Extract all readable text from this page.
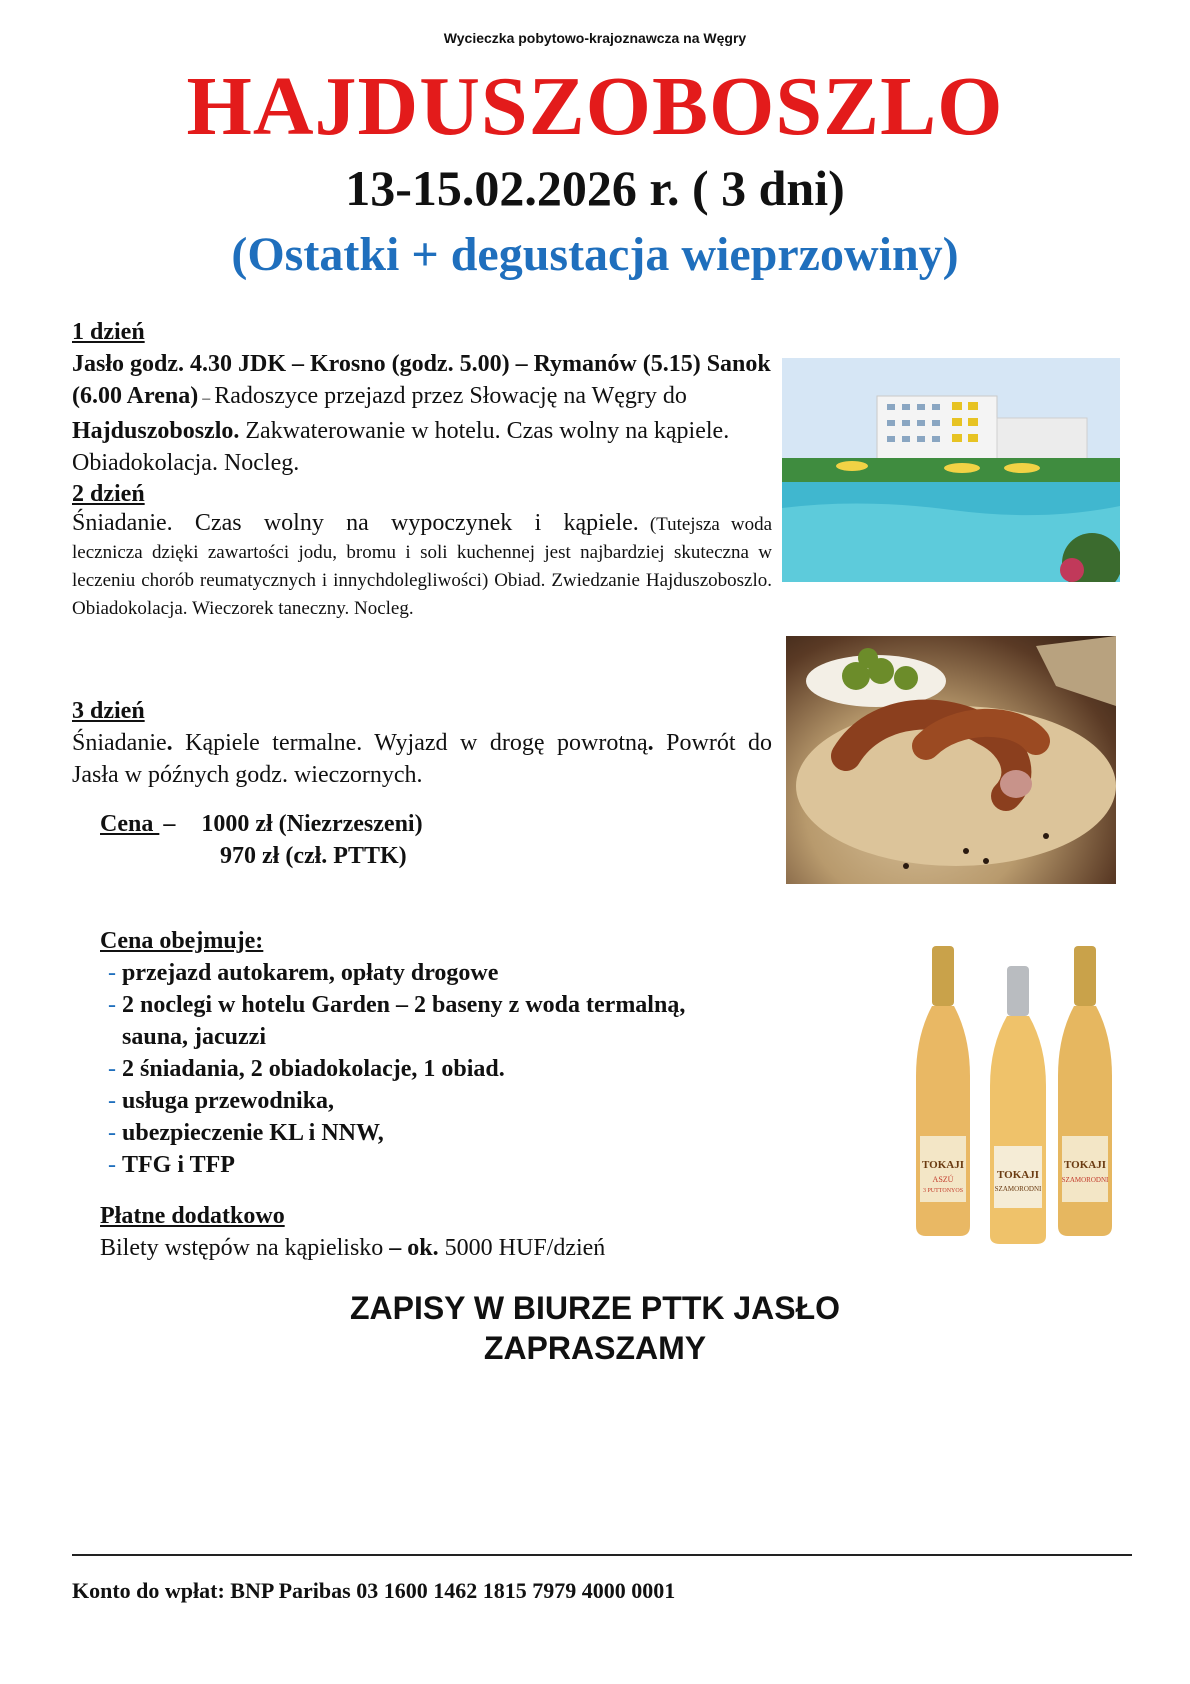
Wycieczka pobytowo-krajoznawcza na Węgry
HAJDUSZOBOSZLO
13-15.02.2026 r. ( 3 dni)
(Ostatki + degustacja wieprzowiny)
1 dzień
Jasło godz. 4.30 JDK – Krosno (godz. 5.00) – Rymanów (5.15) Sanok (6.00 Arena) – Radoszyce przejazd przez Słowację na Węgry do Hajduszoboszlo. Zakwaterowanie w hotelu. Czas wolny na kąpiele. Obiadokolacja. Nocleg.
2 dzień
Śniadanie. Czas wolny na wypoczynek i kąpiele. (Tutejsza woda lecznicza dzięki zawartości jodu, bromu i soli kuchennej jest najbardziej skuteczna w leczeniu chorób reumatycznych i innychdolegliwości) Obiad. Zwiedzanie Hajduszoboszlo. Obiadokolacja. Wieczorek taneczny. Nocleg.
3 dzień
Śniadanie. Kąpiele termalne. Wyjazd w drogę powrotną. Powrót do Jasła w późnych godz. wieczornych.
Cena – 1000 zł (Niezrzeszeni)
970 zł (czł. PTTK)
Cena obejmuje:
- przejazd autokarem, opłaty drogowe
- 2 noclegi w hotelu Garden – 2 baseny z woda termalną, sauna, jacuzzi
- 2 śniadania, 2 obiadokolacje, 1 obiad.
- usługa przewodnika,
- ubezpieczenie KL i NNW,
- TFG i TFP
Płatne dodatkowo
Bilety wstępów na kąpielisko – ok. 5000 HUF/dzień
ZAPISY W BIURZE PTTK JASŁO
ZAPRASZAMY
Konto do wpłat: BNP Paribas 03 1600 1462 1815 7979 4000 0001
TOKAJI
ASZÚ
3 PUTTONYOS
TOKAJI
SZAMORODNI
TOKAJI
SZAMORODNI
